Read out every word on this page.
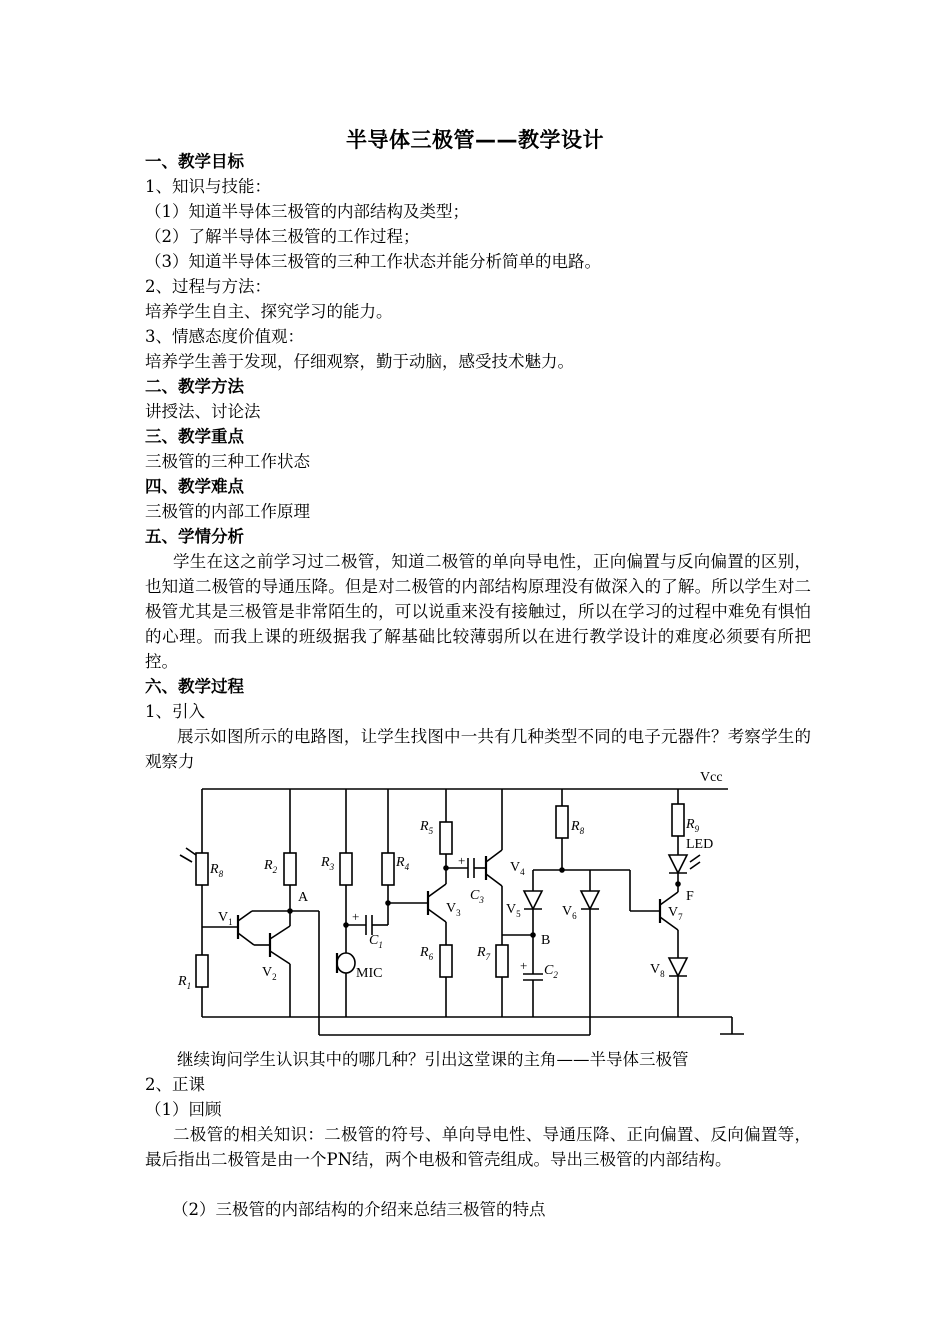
半导体三极管——教学设计
一、教学目标
1、知识与技能：
（1）知道半导体三极管的内部结构及类型；
（2）了解半导体三极管的工作过程；
（3）知道半导体三极管的三种工作状态并能分析简单的电路。
2、过程与方法：
培养学生自主、探究学习的能力。
3、情感态度价值观：
培养学生善于发现，仔细观察，勤于动脑，感受技术魅力。
二、教学方法
讲授法、讨论法
三、教学重点
三极管的三种工作状态
四、教学难点
三极管的内部工作原理
五、学情分析
学生在这之前学习过二极管，知道二极管的单向导电性，正向偏置与反向偏置的区别，也知道二极管的导通压降。但是对二极管的内部结构原理没有做深入的了解。所以学生对二极管尤其是三极管是非常陌生的，可以说重来没有接触过，所以在学习的过程中难免有惧怕的心理。而我上课的班级据我了解基础比较薄弱所以在进行教学设计的难度必须要有所把控。
六、教学过程
1、引入
展示如图所示的电路图，让学生找图中一共有几种类型不同的电子元器件？考察学生的观察力
Vcc
LED
MIC
A
B
F
$R_8$
$R_2$	$R_3$	$R_4$
$R_5$
$R_6$	$R_7$
$R_8$	$R_9$
$R_1$
$V_1$
$V_2$
$V_3$
$V_4$
$V_5$	$V_6$	$V_7$
$V_8$
$C_1$
$C_2$
$C_3$
+
+
+
继续询问学生认识其中的哪几种？引出这堂课的主角——半导体三极管
2、正课
（1）回顾
二极管的相关知识：二极管的符号、单向导电性、导通压降、正向偏置、反向偏置等，最后指出二极管是由一个PN结，两个电极和管壳组成。导出三极管的内部结构。
（2）三极管的内部结构的介绍来总结三极管的特点
